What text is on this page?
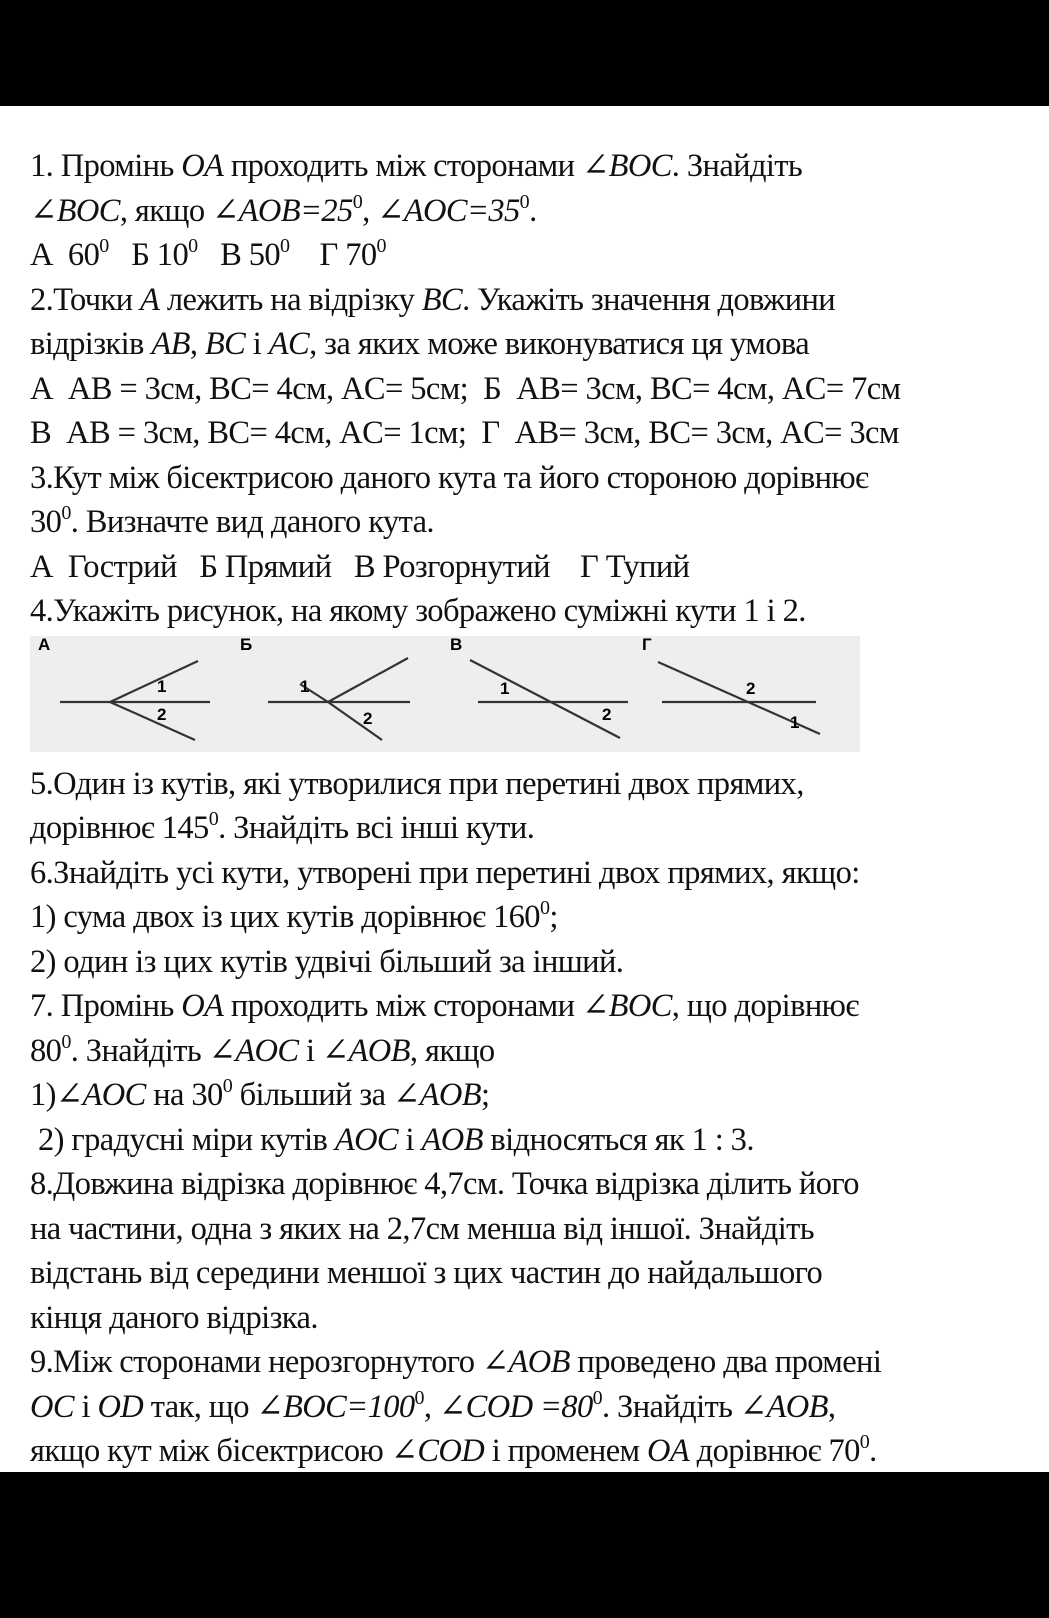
1. Промінь OA проходить між сторонами ∠BOC. Знайдіть
∠BOC, якщо $\angle AOB=25^0$, $\angle AOC=35^0$.
А  $60^0$   Б $10^0$   В $50^0$    Г $70^0$
2.Точки A лежить на відрізку BC. Укажіть значення довжини
відрізків AB, BC і AC, за яких може виконуватися ця умова
А  AB = 3см, BC= 4см, AC= 5см;  Б  AB= 3см, BC= 4см, AC= 7см
В  AB = 3см, BC= 4см, AC= 1см;  Г  AB= 3см, BC= 3см, AC= 3см
3.Кут між бісектрисою даного кута та його стороною дорівнює
$30^0$. Визначте вид даного кута.
А  Гострий   Б Прямий   В Розгорнутий    Г Тупий
4.Укажіть рисунок, на якому зображено суміжні кути 1 і 2.
А
1
2
Б
1
2
В
1
2
Г
2
1
5.Один із кутів, які утворилися при перетині двох прямих,
дорівнює $145^0$. Знайдіть всі інші кути.
6.Знайдіть усі кути, утворені при перетині двох прямих, якщо:
1) сума двох із цих кутів дорівнює $160^0$;
2) один із цих кутів удвічі більший за інший.
7. Промінь OA проходить між сторонами ∠BOC, що дорівнює
$80^0$. Знайдіть ∠AOC і ∠AOB, якщо
1)∠AOC на $30^0$ більший за ∠AOB;
2) градусні міри кутів AOC і AOB відносяться як 1 : 3.
8.Довжина відрізка дорівнює 4,7см. Точка відрізка ділить його
на частини, одна з яких на 2,7см менша від іншої. Знайдіть
відстань від середини меншої з цих частин до найдальшого
кінця даного відрізка.
9.Між сторонами нерозгорнутого ∠AOB проведено два промені
OC і OD так, що $\angle BOC=100^0$, ∠COD $=80^0$. Знайдіть ∠AOB,
якщо кут між бісектрисою ∠COD і променем OA дорівнює $70^0$.
